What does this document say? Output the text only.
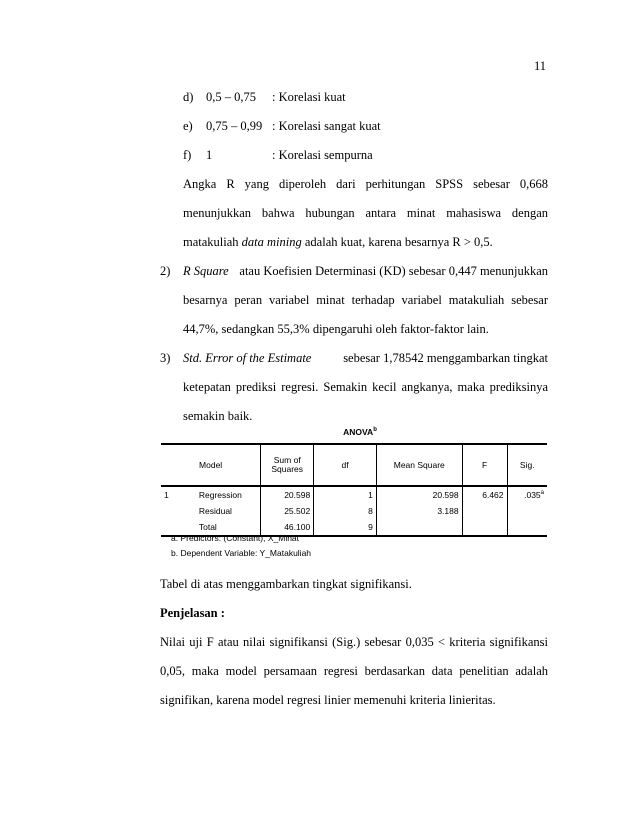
11
d) 0,5 – 0,75 : Korelasi kuat
e) 0,75 – 0,99 : Korelasi sangat kuat
f) 1	: Korelasi sempurna
Angka R yang diperoleh dari perhitungan SPSS sebesar 0,668
menunjukkan bahwa hubungan antara minat mahasiswa dengan
matakuliah data mining adalah kuat, karena besarnya R > 0,5.
2) R Square atau Koefisien Determinasi (KD) sebesar 0,447 menunjukkan
besarnya peran variabel minat terhadap variabel matakuliah sebesar
44,7%, sedangkan 55,3% dipengaruhi oleh faktor-faktor lain.
3) Std. Error of the Estimate	sebesar 1,78542 menggambarkan tingkat
ketepatan prediksi regresi. Semakin kecil angkanya, maka prediksinya
semakin baik.
ANOVA$^b$
Model		Sum of Squares	df	Mean Square	F	Sig.
1	Regression	20.598	1	20.598	6.462	.035$^a$
	Residual	25.502	8	3.188		
	Total	46.100	9			
a. Predictors: (Constant), X_Minat
b. Dependent Variable: Y_Matakuliah
Tabel di atas menggambarkan tingkat signifikansi.
Penjelasan :
Nilai uji F atau nilai signifikansi (Sig.) sebesar 0,035 < kriteria signifikansi
0,05, maka model persamaan regresi berdasarkan data penelitian adalah
signifikan, karena model regresi linier memenuhi kriteria linieritas.
